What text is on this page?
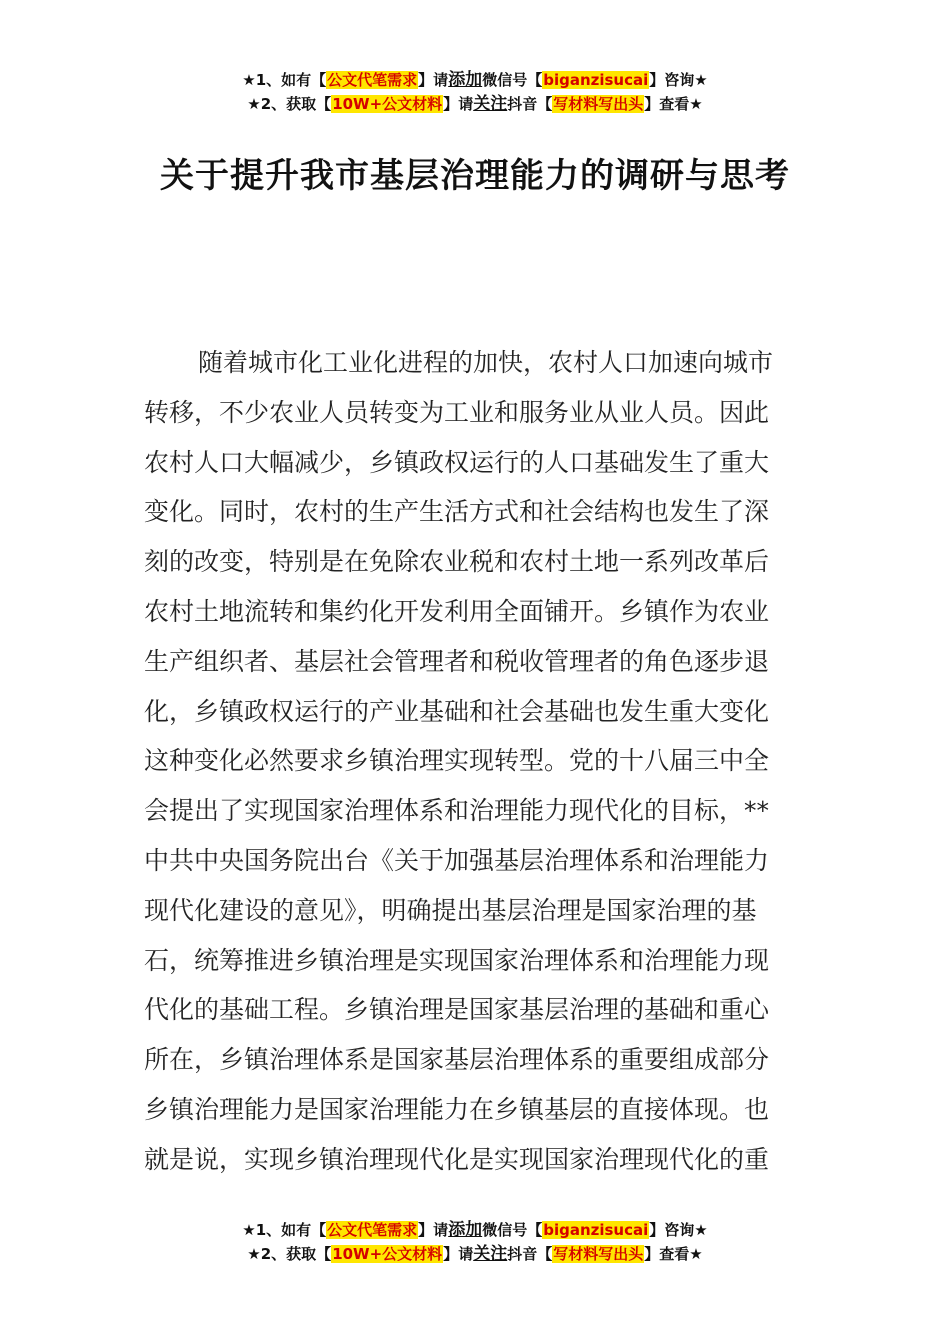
★1、如有【公文代笔需求】请添加微信号【biganzisucai】咨询★
★2、获取【10W+公文材料】请关注抖音【写材料写出头】查看★
关于提升我市基层治理能力的调研与思考
随着城市化工业化进程的加快，农村人口加速向城市
转移，不少农业人员转变为工业和服务业从业人员。因此
农村人口大幅减少，乡镇政权运行的人口基础发生了重大
变化。同时，农村的生产生活方式和社会结构也发生了深
刻的改变，特别是在免除农业税和农村土地一系列改革后
农村土地流转和集约化开发利用全面铺开。乡镇作为农业
生产组织者、基层社会管理者和税收管理者的角色逐步退
化，乡镇政权运行的产业基础和社会基础也发生重大变化
这种变化必然要求乡镇治理实现转型。党的十八届三中全
会提出了实现国家治理体系和治理能力现代化的目标，**
中共中央国务院出台《关于加强基层治理体系和治理能力
现代化建设的意见》，明确提出基层治理是国家治理的基
石，统筹推进乡镇治理是实现国家治理体系和治理能力现
代化的基础工程。乡镇治理是国家基层治理的基础和重心
所在，乡镇治理体系是国家基层治理体系的重要组成部分
乡镇治理能力是国家治理能力在乡镇基层的直接体现。也
就是说，实现乡镇治理现代化是实现国家治理现代化的重
★1、如有【公文代笔需求】请添加微信号【biganzisucai】咨询★
★2、获取【10W+公文材料】请关注抖音【写材料写出头】查看★
